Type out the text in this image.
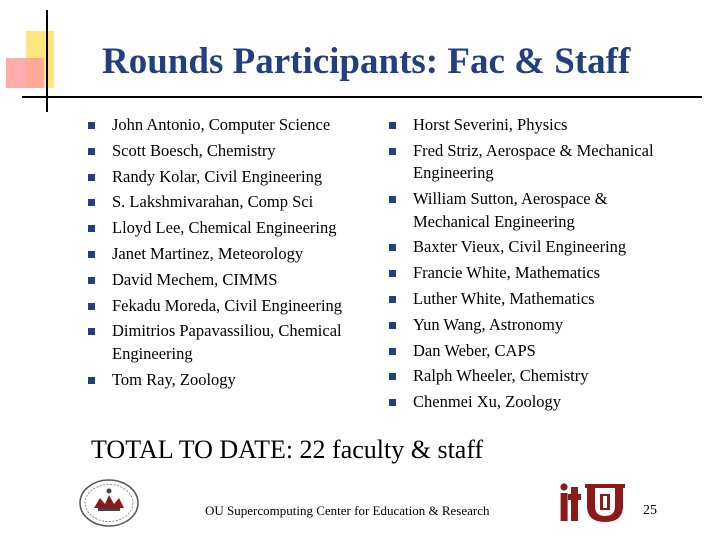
Rounds Participants: Fac & Staff
John Antonio, Computer Science
Scott Boesch, Chemistry
Randy Kolar, Civil Engineering
S. Lakshmivarahan, Comp Sci
Lloyd Lee, Chemical Engineering
Janet Martinez, Meteorology
David Mechem, CIMMS
Fekadu Moreda, Civil Engineering
Dimitrios Papavassiliou, Chemical Engineering
Tom Ray, Zoology
Horst Severini, Physics
Fred Striz, Aerospace & Mechanical Engineering
William Sutton, Aerospace & Mechanical Engineering
Baxter Vieux, Civil Engineering
Francie White, Mathematics
Luther White, Mathematics
Yun Wang, Astronomy
Dan Weber, CAPS
Ralph Wheeler, Chemistry
Chenmei Xu, Zoology
TOTAL TO DATE: 22 faculty & staff
OU Supercomputing Center for Education & Research	25
